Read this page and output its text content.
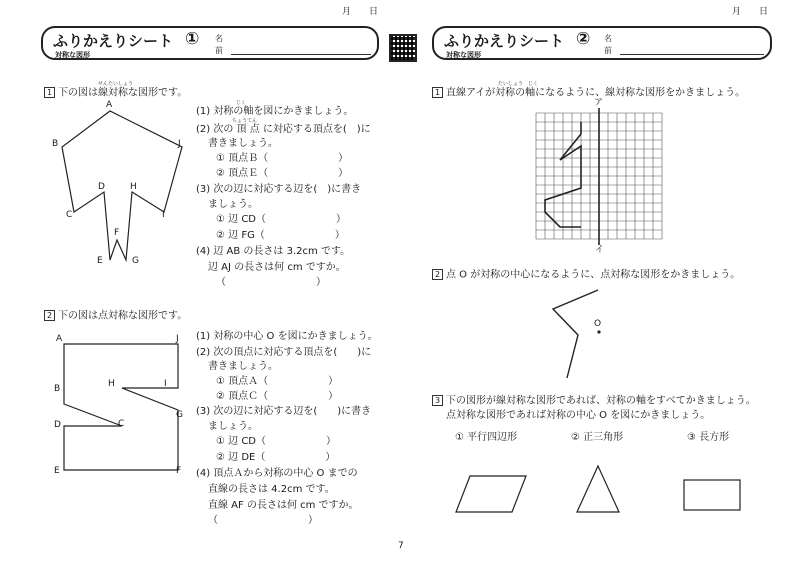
月 日
ふりかえりシート ①
対称な図形
名
前
せんたいしょう
1 下の図は線対称な図形です。
A
B	J
C
D	H
I
F
E	G
じく
ちょうてん
(1) 対称の軸を図にかきましょう。
(2) 次の 頂 点 に対応する頂点を(　)に
書きましょう。
① 頂点Ｂ（　　　　　　　）
② 頂点Ｅ（　　　　　　　）
(3) 次の辺に対応する辺を(　)に書き
ましょう。
① 辺 CD（　　　　　　　）
② 辺 FG（　　　　　　　）
(4) 辺 AB の長さは 3.2cm です。
辺 AJ の長さは何 cm ですか。
（　　　　　　　　　）
2 下の図は点対称な図形です。
A	J
B	H	I
G
D	C
E	F
(1) 対称の中心 O を図にかきましょう。
(2) 次の頂点に対応する頂点を(　　)に
書きましょう。
① 頂点Ａ（　　　　　　）
② 頂点Ｃ（　　　　　　）
(3) 次の辺に対応する辺を(　　)に書き
ましょう。
① 辺 CD（　　　　　　）
② 辺 DE（　　　　　　）
(4) 頂点Ａから対称の中心 O までの
直線の長さは 4.2cm です。
直線 AF の長さは何 cm ですか。
（　　　　　　　　　）
月 日
ふりかえりシート ②
対称な図形
名
前
たいしょう　じく
1 直線アイが対称の軸になるように、線対称な図形をかきましょう。
ア
イ
2 点 O が対称の中心になるように、点対称な図形をかきましょう。
O
3 下の図形が線対称な図形であれば、対称の軸をすべてかきましょう。
点対称な図形であれば対称の中心 O を図にかきましょう。
① 平行四辺形	② 正三角形	③ 長方形
7
